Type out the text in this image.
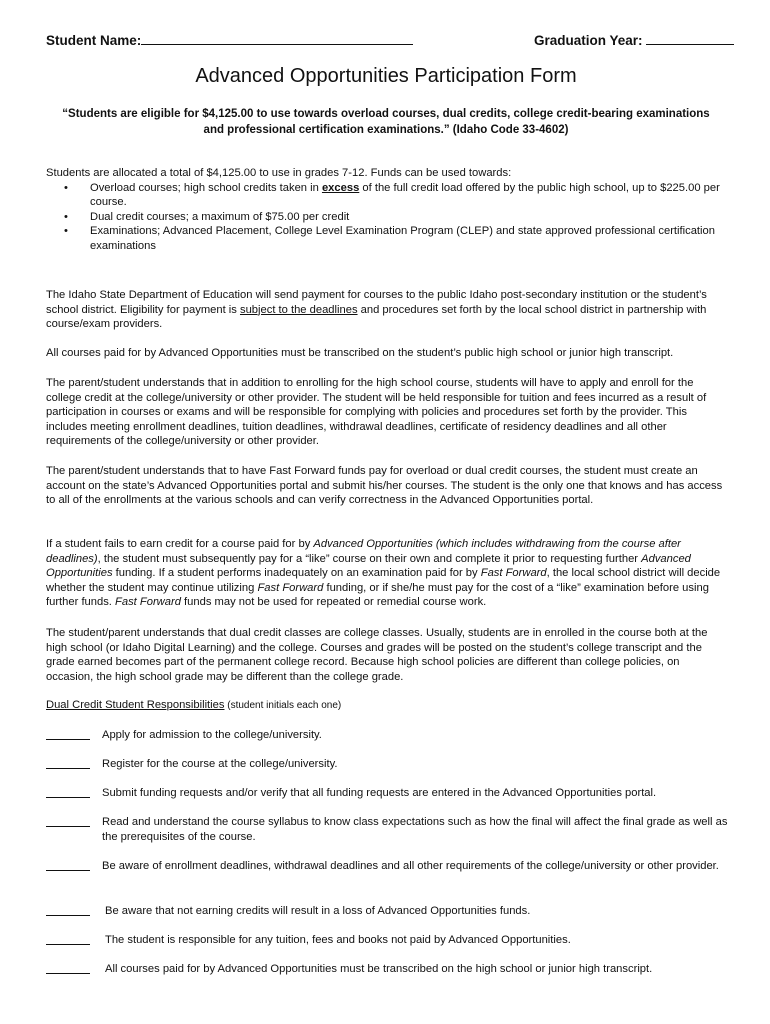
Student Name:	Graduation Year:
Advanced Opportunities Participation Form
“Students are eligible for $4,125.00 to use towards overload courses, dual credits, college credit-bearing examinations and professional certification examinations.” (Idaho Code 33-4602)
Students are allocated a total of $4,125.00 to use in grades 7-12. Funds can be used towards:
• Overload courses; high school credits taken in excess of the full credit load offered by the public high school, up to $225.00 per course.
• Dual credit courses; a maximum of $75.00 per credit
• Examinations; Advanced Placement, College Level Examination Program (CLEP) and state approved professional certification examinations

The Idaho State Department of Education will send payment for courses to the public Idaho post-secondary institution or the student’s school district. Eligibility for payment is subject to the deadlines and procedures set forth by the local school district in partnership with course/exam providers.

All courses paid for by Advanced Opportunities must be transcribed on the student’s public high school or junior high transcript.

The parent/student understands that in addition to enrolling for the high school course, students will have to apply and enroll for the college credit at the college/university or other provider. The student will be held responsible for tuition and fees incurred as a result of participation in courses or exams and will be responsible for complying with policies and procedures set forth by the provider. This includes meeting enrollment deadlines, tuition deadlines, withdrawal deadlines, certificate of residency deadlines and all other requirements of the college/university or other provider.

The parent/student understands that to have Fast Forward funds pay for overload or dual credit courses, the student must create an account on the state’s Advanced Opportunities portal and submit his/her courses. The student is the only one that knows and has access to all of the enrollments at the various schools and can verify correctness in the Advanced Opportunities portal.

If a student fails to earn credit for a course paid for by Advanced Opportunities (which includes withdrawing from the course after deadlines), the student must subsequently pay for a “like” course on their own and complete it prior to requesting further Advanced Opportunities funding. If a student performs inadequately on an examination paid for by Fast Forward, the local school district will decide whether the student may continue utilizing Fast Forward funding, or if she/he must pay for the cost of a “like” examination before using further funds. Fast Forward funds may not be used for repeated or remedial course work.

The student/parent understands that dual credit classes are college classes. Usually, students are in enrolled in the course both at the high school (or Idaho Digital Learning) and the college. Courses and grades will be posted on the student’s college transcript and the grade earned becomes part of the permanent college record. Because high school policies are different than college policies, on occasion, the high school grade may be different than the college grade.

Dual Credit Student Responsibilities (student initials each one)
Apply for admission to the college/university.
Register for the course at the college/university.
Submit funding requests and/or verify that all funding requests are entered in the Advanced Opportunities portal.
Read and understand the course syllabus to know class expectations such as how the final will affect the final grade as well as the prerequisites of the course.
Be aware of enrollment deadlines, withdrawal deadlines and all other requirements of the college/university or other provider.
Be aware that not earning credits will result in a loss of Advanced Opportunities funds.
The student is responsible for any tuition, fees and books not paid by Advanced Opportunities.
All courses paid for by Advanced Opportunities must be transcribed on the high school or junior high transcript.
